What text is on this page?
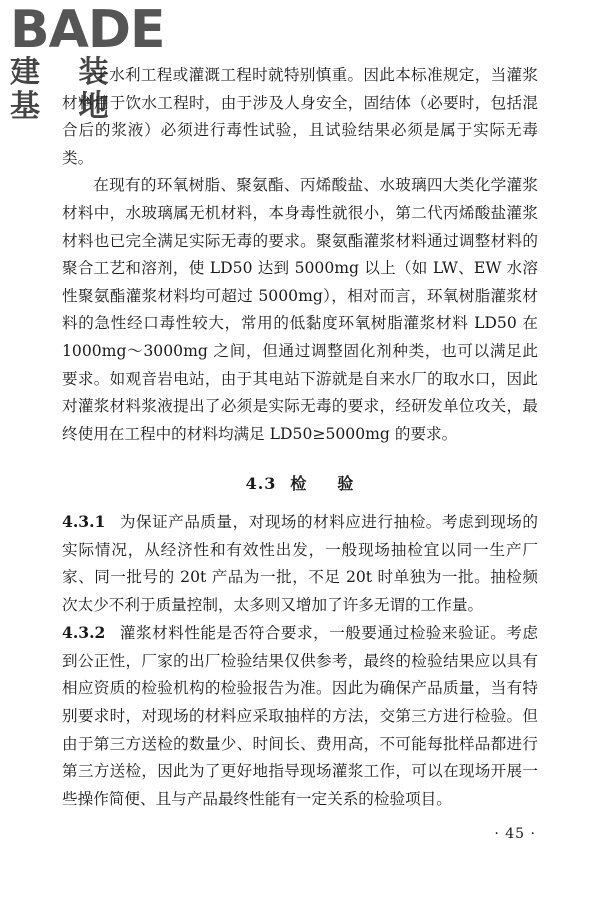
BADE
建 装 基 地

于水利工程或灌溉工程时就特别慎重。因此本标准规定，当灌浆材料用于饮水工程时，由于涉及人身安全，固结体（必要时，包括混合后的浆液）必须进行毒性试验，且试验结果必须是属于实际无毒类。

在现有的环氧树脂、聚氨酯、丙烯酸盐、水玻璃四大类化学灌浆材料中，水玻璃属无机材料，本身毒性就很小，第二代丙烯酸盐灌浆材料也已完全满足实际无毒的要求。聚氨酯灌浆材料通过调整材料的聚合工艺和溶剂，使 LD50 达到 5000mg 以上（如 LW、EW 水溶性聚氨酯灌浆材料均可超过 5000mg），相对而言，环氧树脂灌浆材料的急性经口毒性较大，常用的低黏度环氧树脂灌浆材料 LD50 在 1000mg～3000mg 之间，但通过调整固化剂种类，也可以满足此要求。如观音岩电站，由于其电站下游就是自来水厂的取水口，因此对灌浆材料浆液提出了必须是实际无毒的要求，经研发单位攻关，最终使用在工程中的材料均满足 LD50≥5000mg 的要求。

4.3 检 验

4.3.1 为保证产品质量，对现场的材料应进行抽检。考虑到现场的实际情况，从经济性和有效性出发，一般现场抽检宜以同一生产厂家、同一批号的 20t 产品为一批，不足 20t 时单独为一批。抽检频次太少不利于质量控制，太多则又增加了许多无谓的工作量。

4.3.2 灌浆材料性能是否符合要求，一般要通过检验来验证。考虑到公正性，厂家的出厂检验结果仅供参考，最终的检验结果应以具有相应资质的检验机构的检验报告为准。因此为确保产品质量，当有特别要求时，对现场的材料应采取抽样的方法，交第三方进行检验。但由于第三方送检的数量少、时间长、费用高，不可能每批样品都进行第三方送检，因此为了更好地指导现场灌浆工作，可以在现场开展一些操作简便、且与产品最终性能有一定关系的检验项目。

· 45 ·
